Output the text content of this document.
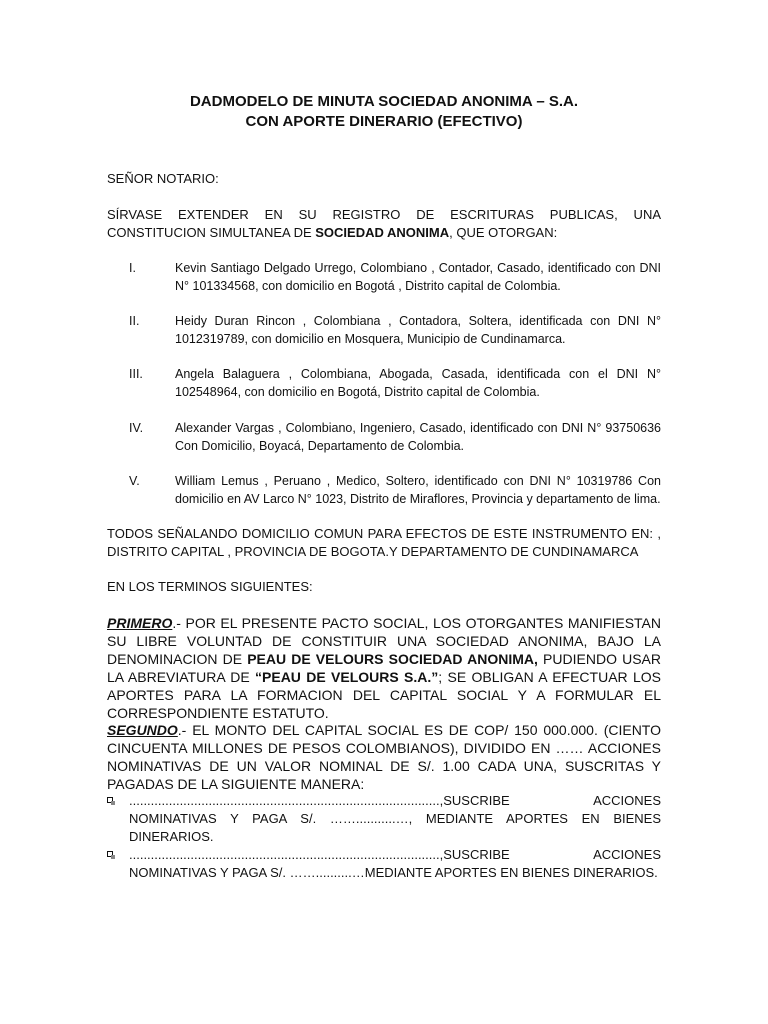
DADMODELO DE MINUTA SOCIEDAD ANONIMA – S.A.
CON APORTE DINERARIO (EFECTIVO)
SEÑOR NOTARIO:
SÍRVASE EXTENDER EN SU REGISTRO DE ESCRITURAS PUBLICAS, UNA CONSTITUCION SIMULTANEA DE SOCIEDAD ANONIMA, QUE OTORGAN:
I.	Kevin Santiago Delgado Urrego, Colombiano , Contador, Casado, identificado con DNI N° 101334568, con domicilio en Bogotá , Distrito capital de Colombia.
II.	Heidy Duran Rincon , Colombiana , Contadora, Soltera, identificada con DNI N° 1012319789, con domicilio en Mosquera, Municipio de Cundinamarca.
III.	Angela Balaguera , Colombiana, Abogada, Casada, identificada con el DNI N° 102548964, con domicilio en Bogotá, Distrito capital de Colombia.
IV.	Alexander Vargas , Colombiano, Ingeniero, Casado, identificado con DNI N° 93750636 Con Domicilio, Boyacá, Departamento de Colombia.
V.	William Lemus , Peruano , Medico, Soltero, identificado con DNI N° 10319786 Con domicilio en AV Larco N° 1023, Distrito de Miraflores, Provincia y departamento de lima.
TODOS SEÑALANDO DOMICILIO COMUN PARA EFECTOS DE ESTE INSTRUMENTO EN: , DISTRITO CAPITAL , PROVINCIA DE BOGOTA.Y DEPARTAMENTO DE CUNDINAMARCA
EN LOS TERMINOS SIGUIENTES:
PRIMERO.- POR EL PRESENTE PACTO SOCIAL, LOS OTORGANTES MANIFIESTAN SU LIBRE VOLUNTAD DE CONSTITUIR UNA SOCIEDAD ANONIMA, BAJO LA DENOMINACION DE PEAU DE VELOURS SOCIEDAD ANONIMA, PUDIENDO USAR LA ABREVIATURA DE “PEAU DE VELOURS S.A.”; SE OBLIGAN A EFECTUAR LOS APORTES PARA LA FORMACION DEL CAPITAL SOCIAL Y A FORMULAR EL CORRESPONDIENTE ESTATUTO.
SEGUNDO.- EL MONTO DEL CAPITAL SOCIAL ES DE COP/ 150 000.000. (CIENTO CINCUENTA MILLONES DE PESOS COLOMBIANOS), DIVIDIDO EN …… ACCIONES NOMINATIVAS DE UN VALOR NOMINAL DE S/. 1.00 CADA UNA, SUSCRITAS Y PAGADAS DE LA SIGUIENTE MANERA:
......................................................................................,SUSCRIBE ACCIONES NOMINATIVAS Y PAGA S/. ……...........…, MEDIANTE APORTES EN BIENES DINERARIOS.
......................................................................................,SUSCRIBE ACCIONES NOMINATIVAS Y PAGA S/. ……..........…MEDIANTE APORTES EN BIENES DINERARIOS.
